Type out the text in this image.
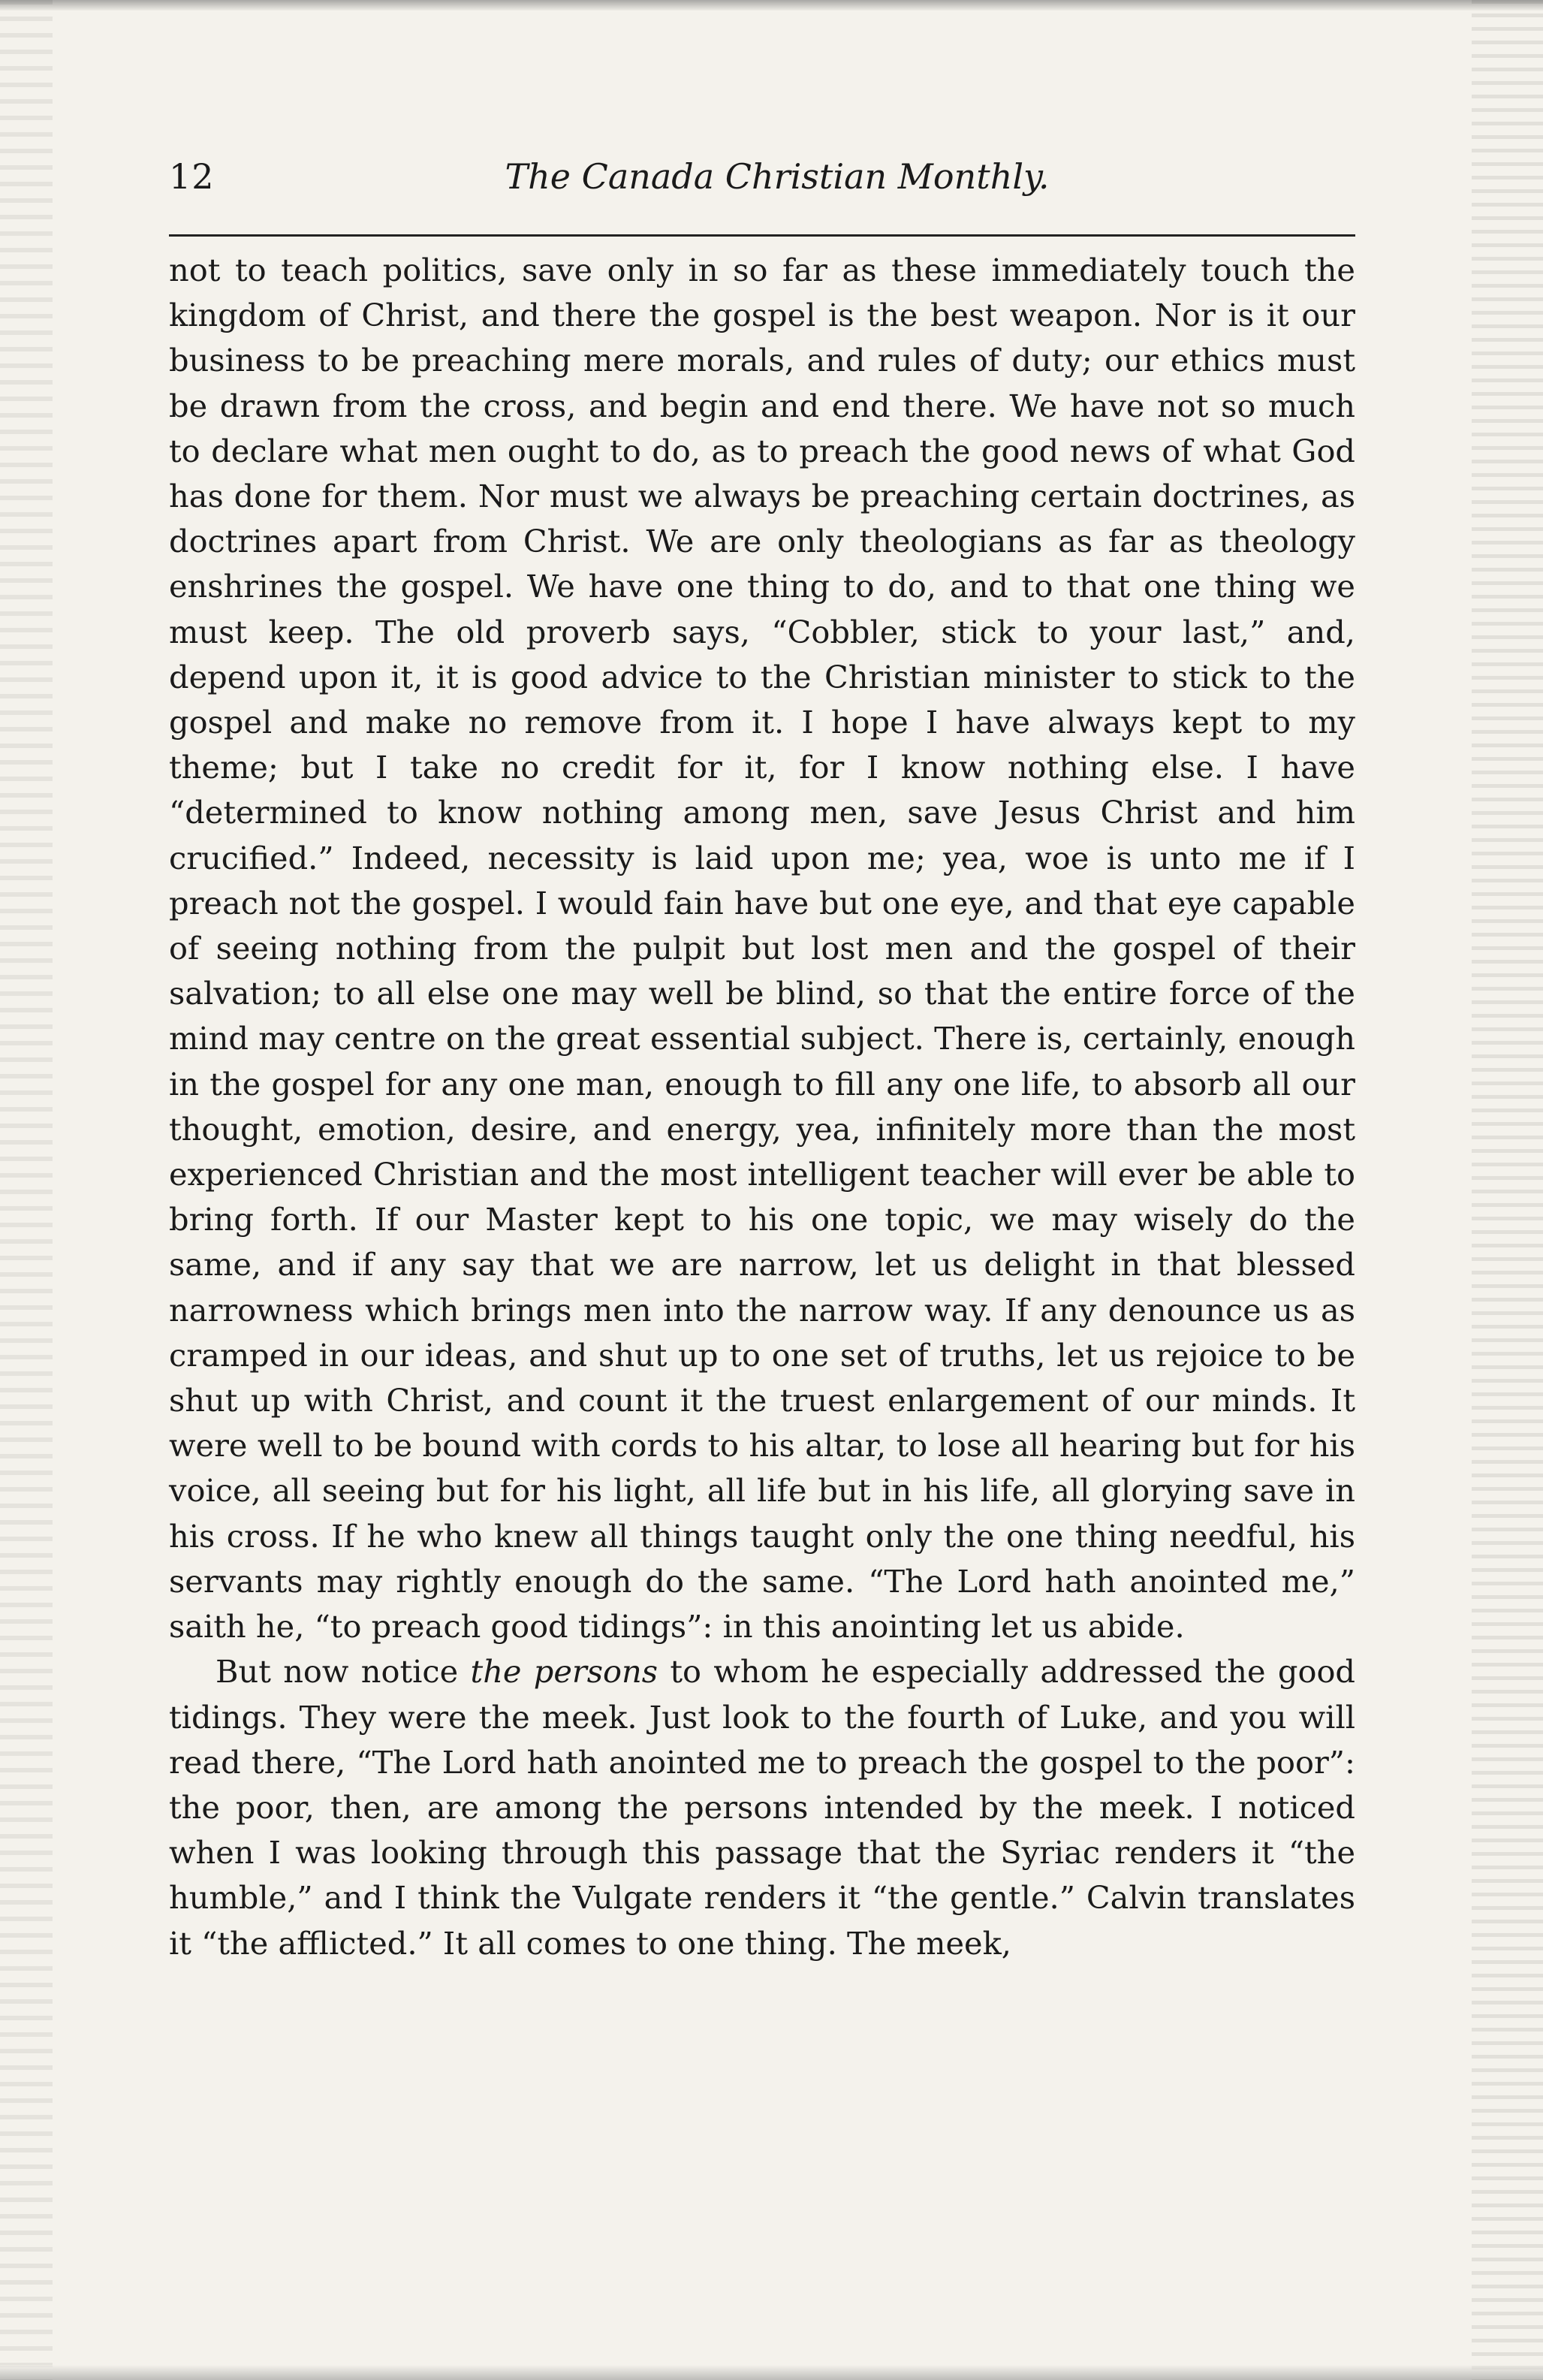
12	The Canada Christian Monthly.

not to teach politics, save only in so far as these immediately touch the kingdom of Christ, and there the gospel is the best weapon. Nor is it our business to be preaching mere morals, and rules of duty; our ethics must be drawn from the cross, and begin and end there. We have not so much to declare what men ought to do, as to preach the good news of what God has done for them. Nor must we always be preaching certain doctrines, as doctrines apart from Christ. We are only theologians as far as theology enshrines the gospel. We have one thing to do, and to that one thing we must keep. The old proverb says, “Cobbler, stick to your last,” and, depend upon it, it is good advice to the Christian minister to stick to the gospel and make no remove from it. I hope I have always kept to my theme; but I take no credit for it, for I know nothing else. I have “determined to know nothing among men, save Jesus Christ and him crucified.” Indeed, necessity is laid upon me; yea, woe is unto me if I preach not the gospel. I would fain have but one eye, and that eye capable of seeing nothing from the pulpit but lost men and the gospel of their salvation; to all else one may well be blind, so that the entire force of the mind may centre on the great essential subject. There is, certainly, enough in the gospel for any one man, enough to fill any one life, to absorb all our thought, emotion, desire, and energy, yea, infinitely more than the most experienced Christian and the most intelligent teacher will ever be able to bring forth. If our Master kept to his one topic, we may wisely do the same, and if any say that we are narrow, let us delight in that blessed narrowness which brings men into the narrow way. If any denounce us as cramped in our ideas, and shut up to one set of truths, let us rejoice to be shut up with Christ, and count it the truest enlargement of our minds. It were well to be bound with cords to his altar, to lose all hearing but for his voice, all seeing but for his light, all life but in his life, all glorying save in his cross. If he who knew all things taught only the one thing needful, his servants may rightly enough do the same. “The Lord hath anointed me,” saith he, “to preach good tidings”: in this anointing let us abide.

But now notice the persons to whom he especially addressed the good tidings. They were the meek. Just look to the fourth of Luke, and you will read there, “The Lord hath anointed me to preach the gospel to the poor”: the poor, then, are among the persons intended by the meek. I noticed when I was looking through this passage that the Syriac renders it “the humble,” and I think the Vulgate renders it “the gentle.” Calvin translates it “the afflicted.” It all comes to one thing. The meek,
